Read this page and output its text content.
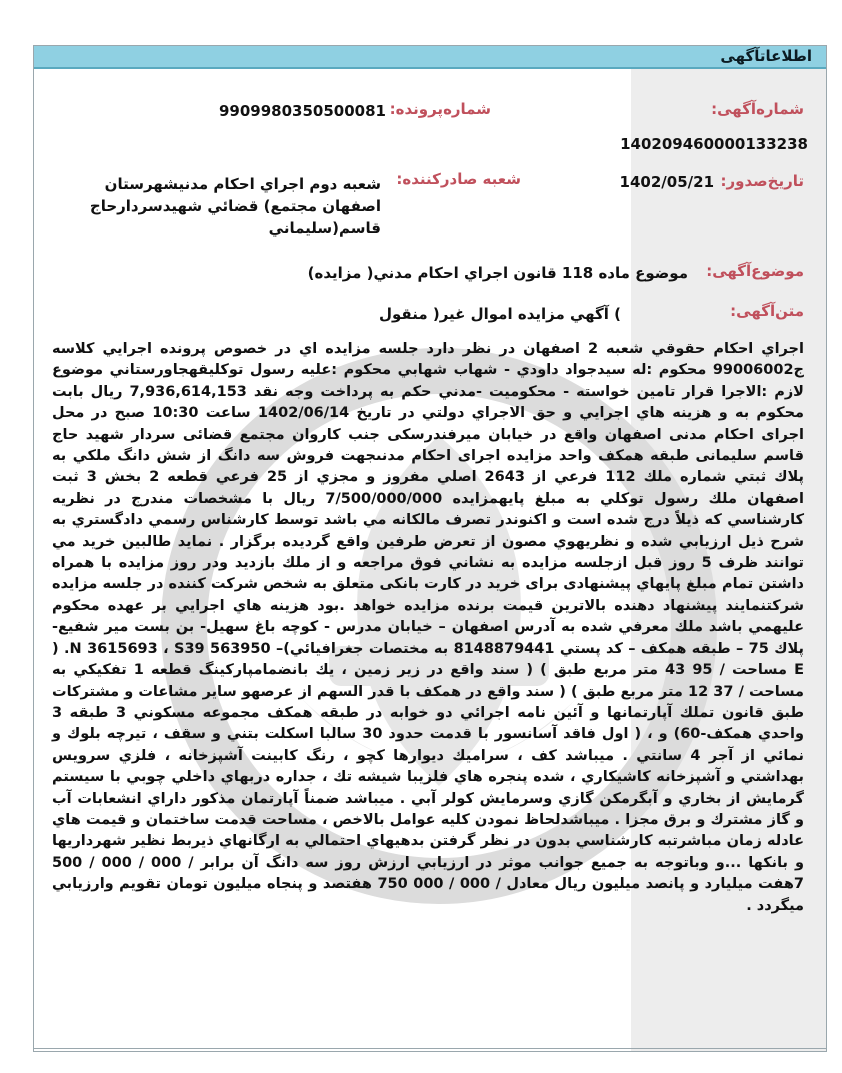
اطلاعاتآگهی
شماره‌آگهی:
140209460000133238
شماره‌پرونده:
9909980350500081
تاریخ‌صدور:
1402/05/21
شعبه صادر‌کننده:
شعبه دوم اجراي احكام مدنيشهرستان اصفهان مجتمع) قضائي شهيدسردارحاج قاسم(سليماني
موضوع‌آگهی:
موضوع ماده 118 قانون اجراي احكام مدني( مزايده)
متن‌آگهی:
) آگهي مزايده اموال غير( منقول
اجراي احكام حقوقي شعبه 2 اصفهان در نظر دارد جلسه مزايده اي در خصوص پرونده اجرايي كلاسه ج99006002 محكوم :له سيدجواد داودي - شهاب شهابي محكوم :عليه رسول توكليقهجاورستاني موضوع لازم :الاجرا قرار تامين خواسته - محكوميت -مدني حكم به پرداخت وجه نقد 7,936,614,153 ريال بابت محكوم به و هزينه هاي اجرايي و حق الاجراي دولتي در تاريخ 1402/06/14 ساعت 10:30 صبح در محل اجراى احكام مدنى اصفهان واقع در خيابان ميرفندرسكى جنب كاروان مجتمع قضائى سردار شهيد حاج قاسم سليمانى طبقه همكف واحد مزايده اجراى احكام مدنىجهت فروش سه دانگ از شش دانگ ملكي به پلاك ثبتي شماره ملك 112 فرعي از 2643 اصلي مفروز و مجزي از 25 فرعي قطعه 2 بخش 3 ثبت اصفهان ملك رسول توكلي به مبلغ پايهمزايده 7/500/000/000 ريال با مشخصات مندرج در نظريه كارشناسي كه ذيلاً درج شده است و اكنوندر تصرف مالكانه مي باشد توسط كارشناس رسمي دادگستري به شرح ذيل ارزيابي شده و نظريهوي مصون از تعرض طرفين واقع گرديده برگزار . نمايد طالبين خريد مي توانند ظرف 5 روز قبل ازجلسه مزايده به نشاني فوق مراجعه و از ملك بازديد ودر روز مزايده با همراه داشتن تمام مبلغ پايهاي پيشنهادى براى خريد در كارت بانكى متعلق به شخص شركت كننده در جلسه مزايده شركتنمايند پيشنهاد دهنده بالاترين قيمت برنده مزايده خواهد .بود هزينه هاي اجرايي بر عهده محكوم عليهمي باشد ملك معرفي شده به آدرس اصفهان – خيابان مدرس - كوچه باغ سهيل- بن بست مير شفيع- پلاك 75 – طبقه همكف – كد پستي 8148879441 به مختصات جغرافيائي)– N 3615693 ، S39 563950. ( E مساحت / 95 43 متر مربع طبق ) ( سند واقع در زير زمين ، يك بانضمامپاركينگ قطعه 1 تفكيكي به مساحت / 37 12 متر مربع طبق ) ( سند واقع در همكف با قدر السهم از عرصهو ساير مشاعات و مشتركات طبق قانون تملك آپارتمانها و آئين نامه اجرائي دو خوابه در طبقه همكف مجموعه مسكوني 3 طبقه 3 واحدي همكف-60) و ، ( اول فاقد آسانسور با قدمت حدود 30 سالبا اسكلت بتني و سقف ، تيرچه بلوك و نمائي از آجر 4 سانتي . ميباشد كف ، سراميك ديوارها كچو ، رنگ كابينت آشپزخانه ، فلزي سرويس بهداشتي و آشپزخانه كاشيكاري ، شده پنجره هاي فلزيبا شيشه تك ، جداره دربهاي داخلي چوبي با سيستم گرمايش از بخاري و آبگرمكن گازي وسرمايش كولر آبي . ميباشد ضمناً آپارتمان مذكور داراي انشعابات آب و گاز مشترك و برق مجزا . ميباشدلحاظ نمودن كليه عوامل بالاخص ، مساحت قدمت ساختمان و قيمت هاي عادله زمان مباشرتبه كارشناسي بدون در نظر گرفتن بدهيهاي احتمالي به ارگانهاي ذيربط نظير شهرداريها و بانكها ...و وباتوجه به جميع جوانب موثر در ارزيابي ارزش روز سه دانگ آن برابر / 000 / 000 / 500 7هفت ميليارد و پانصد ميليون ريال معادل / 000 / 000 750 هفتصد و پنجاه ميليون تومان تقويم وارزيابي ميگردد .
